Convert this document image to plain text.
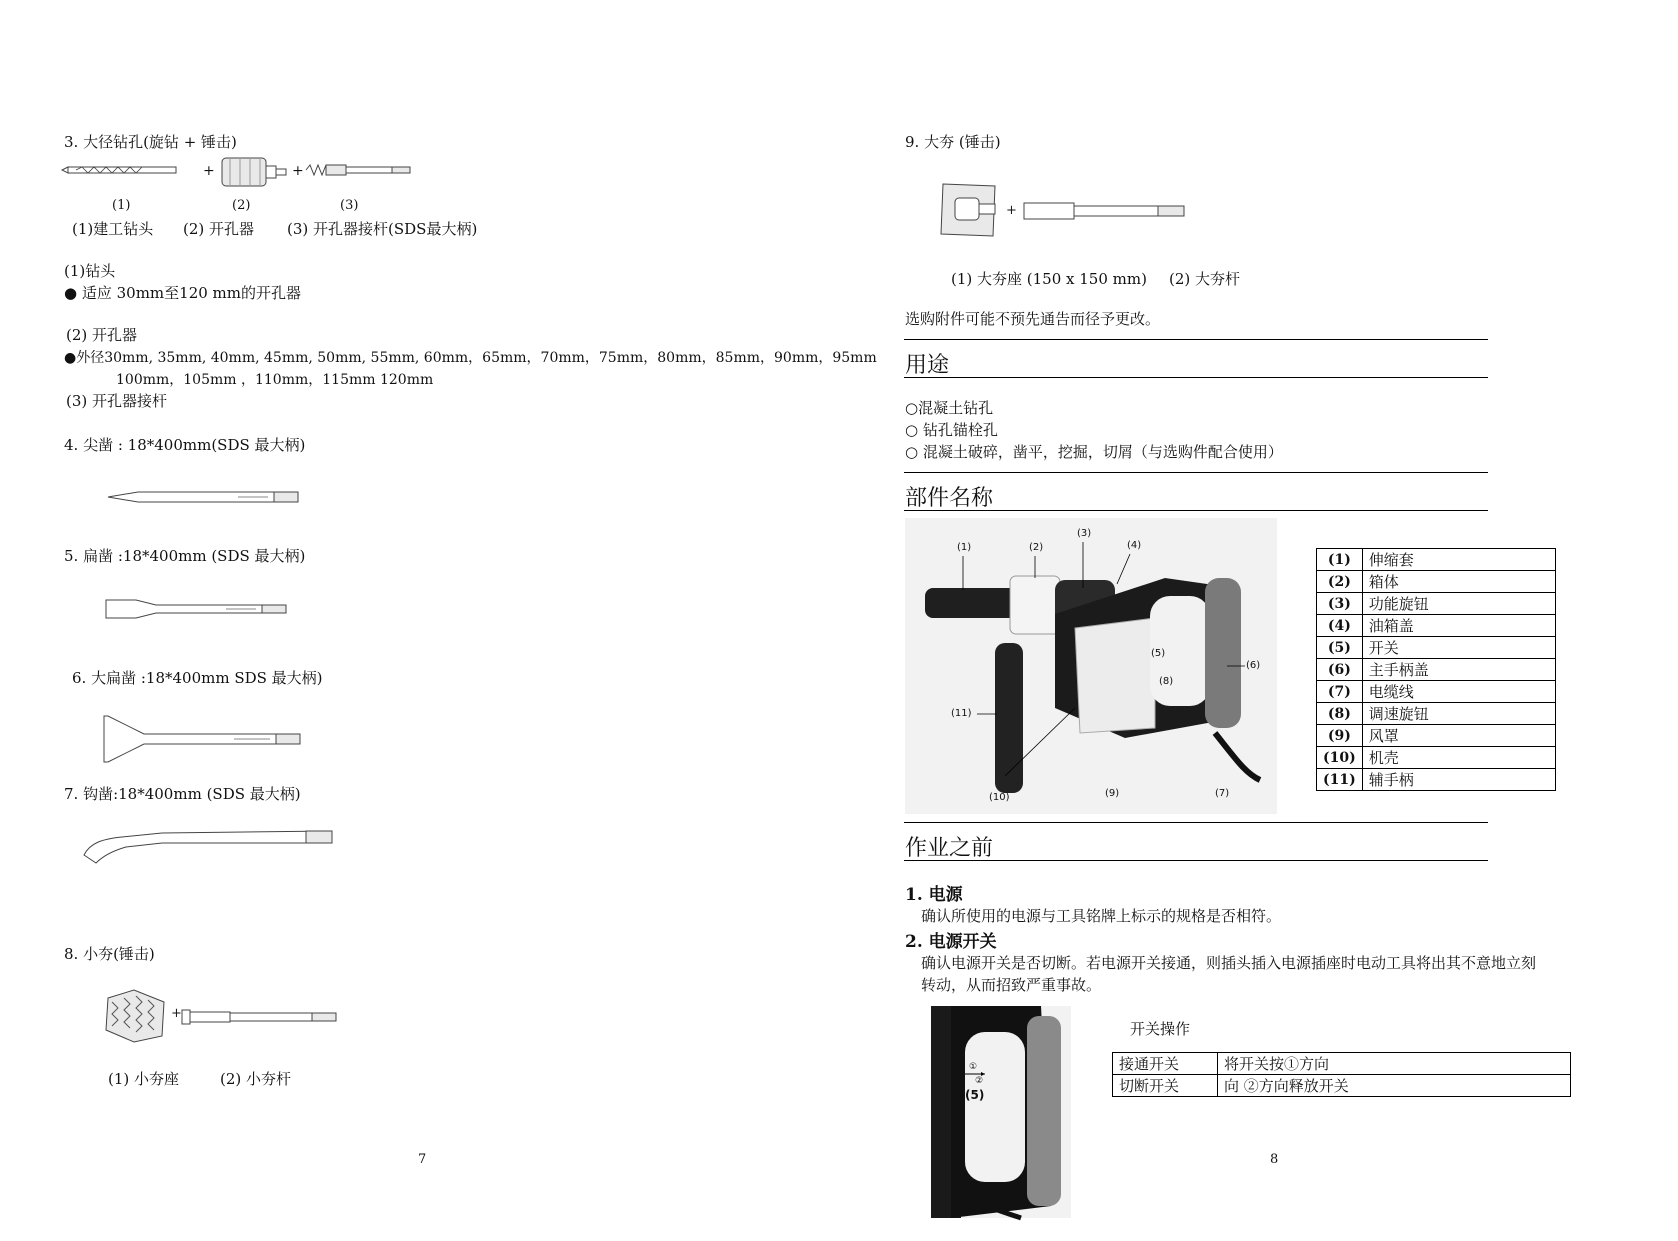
3. 大径钻孔(旋钻 + 锤击)
+	+
(1)	(2)	(3)
(1)建工钻头 (2) 开孔器 (3) 开孔器接杆(SDS最大柄)
(1)钻头
● 适应 30mm至120 mm的开孔器
(2) 开孔器
●外径30mm, 35mm, 40mm, 45mm, 50mm, 55mm, 60mm，65mm，70mm，75mm，80mm，85mm，90mm，95mm
100mm，105mm ，110mm，115mm 120mm
(3) 开孔器接杆
4. 尖凿 : 18*400mm(SDS 最大柄)
5. 扁凿 :18*400mm (SDS 最大柄)
6. 大扁凿 :18*400mm SDS 最大柄)
7. 钩凿:18*400mm (SDS 最大柄)
8. 小夯(锤击)
+
(1) 小夯座	(2) 小夯杆
7
9. 大夯 (锤击)
+
(1) 大夯座 (150 x 150 mm) (2) 大夯杆
选购附件可能不预先通告而径予更改。
用途
○混凝土钻孔
○ 钻孔锚栓孔
○ 混凝土破碎，凿平，挖掘，切屑（与选购件配合使用）
部件名称
(1)	(2)
(3)
(4)
(5)
(6)
(7)
(8)
(9)
(10)
(11)
(1)	伸缩套
(2)	箱体
(3)	功能旋钮
(4)	油箱盖
(5)	开关
(6)	主手柄盖
(7)	电缆线
(8)	调速旋钮
(9)	风罩
(10)	机壳
(11)	辅手柄
作业之前
1. 电源
确认所使用的电源与工具铭牌上标示的规格是否相符。
2. 电源开关
确认电源开关是否切断。若电源开关接通，则插头插入电源插座时电动工具将出其不意地立刻
转动，从而招致严重事故。
①
②
(5)
开关操作
接通开关	将开关按①方向
切断开关	向 ②方向释放开关
8
